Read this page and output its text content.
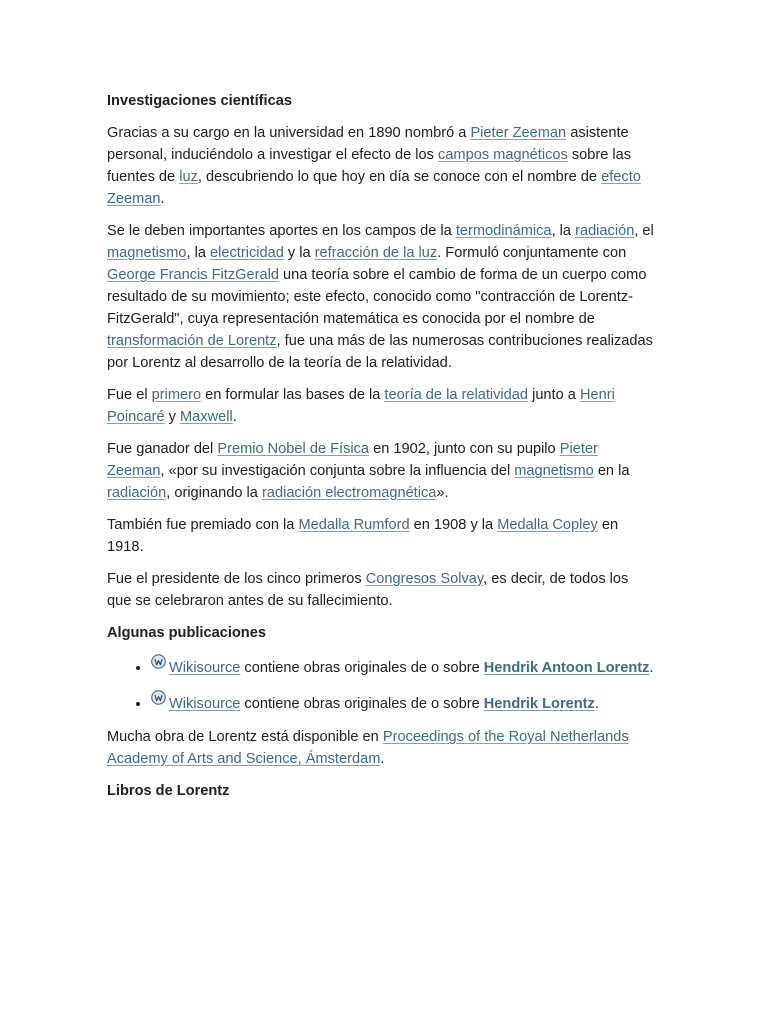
Investigaciones científicas

Gracias a su cargo en la universidad en 1890 nombró a Pieter Zeeman asistente personal, induciéndolo a investigar el efecto de los campos magnéticos sobre las fuentes de luz, descubriendo lo que hoy en día se conoce con el nombre de efecto Zeeman.

Se le deben importantes aportes en los campos de la termodinámica, la radiación, el magnetismo, la electricidad y la refracción de la luz. Formuló conjuntamente con George Francis FitzGerald una teoría sobre el cambio de forma de un cuerpo como resultado de su movimiento; este efecto, conocido como "contracción de Lorentz-FitzGerald", cuya representación matemática es conocida por el nombre de transformación de Lorentz, fue una más de las numerosas contribuciones realizadas por Lorentz al desarrollo de la teoría de la relatividad.

Fue el primero en formular las bases de la teoría de la relatividad junto a Henri Poincaré y Maxwell.

Fue ganador del Premio Nobel de Física en 1902, junto con su pupilo Pieter Zeeman, «por su investigación conjunta sobre la influencia del magnetismo en la radiación, originando la radiación electromagnética».

También fue premiado con la Medalla Rumford en 1908 y la Medalla Copley en 1918.

Fue el presidente de los cinco primeros Congresos Solvay, es decir, de todos los que se celebraron antes de su fallecimiento.

Algunas publicaciones
• Wikisource contiene obras originales de o sobre Hendrik Antoon Lorentz.
• Wikisource contiene obras originales de o sobre Hendrik Lorentz.

Mucha obra de Lorentz está disponible en Proceedings of the Royal Netherlands Academy of Arts and Science, Ámsterdam.

Libros de Lorentz
